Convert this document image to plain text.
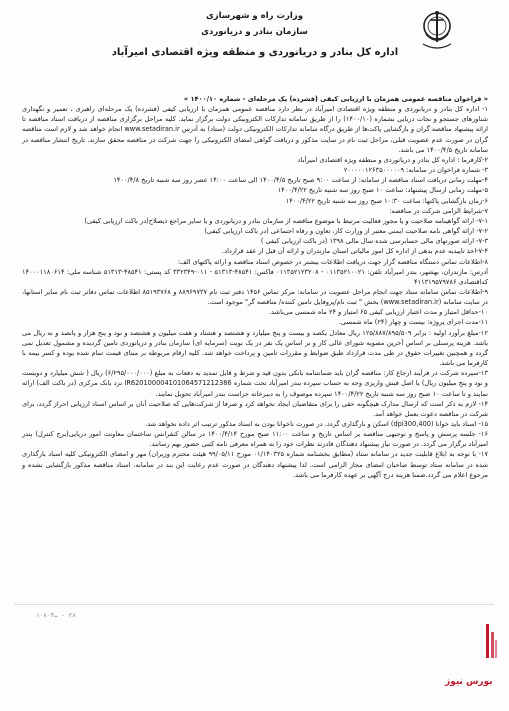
وزارت راه و شهرسازی
سازمان بنادر و دریانوردی
اداره کل بنادر و دریانوردی و منطقه ویژه اقتصادی امیرآباد

« فراخوان مناقصه عمومی همزمان با ارزیابی کیفی (فشرده) یک مرحله‌ای - شماره ۱۴۰۰/۱۰ »

۱- اداره کل بنادر و دریانوردی و منطقه ویژه اقتصادی امیرآباد در نظر دارد مناقصه عمومی همزمان با ارزیابی کیفی (فشرده) یک مرحله‌ای راهبری ، تعمیر و نگهداری شناورهای جستجو و نجات دریایی بشماره (۱۴۰۰/۱۰) را از طریق سامانه تدارکات الکترونیکی دولت برگزار نماید. کلیه مراحل برگزاری مناقصه از دریافت اسناد مناقصه تا ارائه پیشنهاد مناقصه گران و بازگشایی پاکت‌ها از طریق درگاه سامانه تدارکات الکترونیکی دولت (ستاد) به آدرس www.setadiran.ir انجام خواهد شد و لازم است مناقصه گران در صورت عدم عضویت قبلی، مراحل ثبت نام در سایت مذکور و دریافت گواهی امضای الکترونیکی را جهت شرکت در مناقصه محقق سازند. تاریخ انتشار مناقصه در سامانه تاریخ ۱۴۰۰/۴/۵ می باشد.

۲-کارفرما : اداره کل بنادر و دریانوردی و منطقه ویژه اقتصادی امیرآباد

۳- شماره فراخوان در سامانه: ۲۰۰۰۰۰۱۲۶۳۵۰۰۰۰۰۹

۴-مهلت زمانی دریافت اسناد مناقصه از سامانه: از ساعت ۹:۰۰ صبح تاریخ ۱۴۰۰/۴/۵ الی ساعت ۱۴:۰۰ عصر روز سه شنبه تاریخ ۱۴۰۰/۴/۸

۵-مهلت زمانی ارسال پیشنهاد: ساعت ۱۰ صبح روز سه شنبه تاریخ ۱۴۰۰/۴/۲۲

۶-زمان بازگشایی پاکتها: ساعت ۱۰:۳۰ صبح روز سه شنبه تاریخ ۱۴۰۰/۴/۲۲

۷-شرایط الزامی شرکت در مناقصه:

۷-۱- ارائه گواهینامه صلاحیت و یا مجوز فعالیت مرتبط با موضوع مناقصه از سازمان بنادر و دریانوردی و یا سایر مراجع ذیصلاح(در باکت ارزیابی کیفی)

۷-۲- ارائه گواهی نامه صلاحیت ایمنی معتبر از وزارت کار، تعاون و رفاه اجتماعی (در باکت ارزیابی کیفی)

۷-۳- ارائه صورتهای مالی حسابرسی شده سال مالی ۱۳۹۸ (در باکت ارزیابی کیفی )

۷-۴-اخذ تاییدیه عدم بدهی از اداره کل امور مالیاتی استان مازندران و ارائه آن قبل از عقد قرارداد.

۸-اطلاعات تماس دستگاه مناقصه گزار جهت دریافت اطلاعات بیشتر در خصوص اسناد مناقصه و ارائه پاکتهای الف:

آدرس: مازندران، بهشهر، بندر امیرآباد تلفن: ۰۱۱۳۵۲۱۰۰۲۱ - ۰۱۱۳۵۲۱۲۳۲۰۸ فاکس: ۴۸۵۴۱-۵۱۳۱۳ - ۰۱۱-۳۳۲۳۴۹ کد پستی: ۴۸۵۴۱-۵۱۳۱۳ شناسه ملی: ۱۴۰۰۰۱۱۸۰۶۱۴ کداقتصادی ۴۱۱۳۱۹۵۷۹۷۸۶

۹-اطلاعات تماس سامانه ستاد جهت انجام مراحل عضویت در سامانه: مرکز تماس ۱۴۵۶ دفتر ثبت نام ۸۸۹۶۹۷۳۷ و ۸۵۱۹۳۷۶۸ اطلاعات تماس دفاتر ثبت نام سایر استانها، در سایت سامانه (www.setadiran.ir) بخش " ثبت نام/پروفایل تامین کننده/ مناقصه گر" موجود است.

۱۰-حداقل امتیاز و مدت اعتبار ارزیابی کیفی ۶۵ امتیاز و ۲۴ ماه شمسی می‌باشد.

۱۱-مدت اجرای پروژه: بیست و چهار (۲۴) ماه شمسی.

۱۲-مبلغ برآورد اولیه : برابر ۱۲۵/۸۸۷/۸۹۵/۵۰۹ ریال معادل یکصد و بیست و پنج میلیارد و هشتصد و هشتاد و هفت میلیون و هشتصد و نود و پنج هزار و پانصد و نه ریال می باشد. هزینه پرسنلی بر اساس آخرین مصوبه شورای عالی کار و بر اساس یک نفر در یک نوبت (سرمایه ای) سازمان بنادر و دریانوردی تامین گردیده و مشمول تعدیل نمی گردد و همچنین تغییرات حقوق در طی مدت قرارداد طبق ضوابط و مقررات تامین و پرداخت خواهد شد. کلیه ارقام مربوطه بر مبنای قیمت تمام شده بوده و کسر بیمه با کارفرما می باشد.

۱۳-سپرده شرکت در فرآیند ارجاع کار: مناقصه گران باید ضمانتنامه بانکی بدون قید و شرط و قابل تمدید به دفعات به مبلغ (۶/۲۹۵/۰۰۰/۰۰۰) ریال ( شش میلیارد و دویست و نود و پنج میلیون ریال) یا اصل فیش واریزی وجه به حساب سپرده بندر امیرآباد تحت شماره IR620100004101064571212386 نزد بانک مرکزی (در باکت الف) ارائه نمایند و تا ساعت ۱۰ صبح روز سه شنبه تاریخ ۱۴۰۰/۴/۲۲ سپرده موصوف را به دبیرخانه حراست بندر امیرآباد تحویل نمایند.

۱۴- لازم به ذکر است که ارسال مدارک هیچگونه حقی را برای متقاضیان ایجاد نخواهد کرد و صرفا از شرکت‌هایی که صلاحیت آنان بر اساس اسناد ارزیابی احراز گردد، برای شرکت در مناقصه دعوت بعمل خواهد آمد.

۱۵- اسناد باید خوانا (dpi300,400) اسکن و بارگذاری گردد. در صورت ناخوانا بودن به اسناد مذکور ترتیب اثر داده نخواهد شد.

۱۶- جلسه پرسش و پاسخ و توجیهی مناقصه بر اساس تاریخ و ساعت ۱۱:۰۰ صبح مورخ ۱۴۰۰/۴/۱۴ در سالن کنفرانس ساختمان معاونت امور دریایی(برج کنترل) بندر امیرآباد برگزار می گردد. در صورت نیاز پیشنهاد دهندگان قادرند نظرات خود را به همراه معرفی نامه کتبی حضور بهم رسانند.

۱۷- با توجه به ابلاغ قابلیت جدید در سامانه ستاد (مطابق بخشنامه شماره ۰۱/۱۴۰۳۲۵ مورخ ۹۹/۰۵/۱۱ هیئت محترم وزیران) مهر و امضای الکترونیکی کلیه اسناد بارگذاری شده در سامانه ستاد توسط صاحبان امضای مجاز الزامی است. لذا پیشنهاد دهندگان در صورت عدم رعایت این بند در سامانه، اسناد مناقصه مذکور بازگشایی نشده و مرجوع اعلام می گردد.ضمنا هزینه درج آگهی بر عهده کارفرما می باشد.

١٠٨٠۴٣٨ - ب
بورس نیوز
